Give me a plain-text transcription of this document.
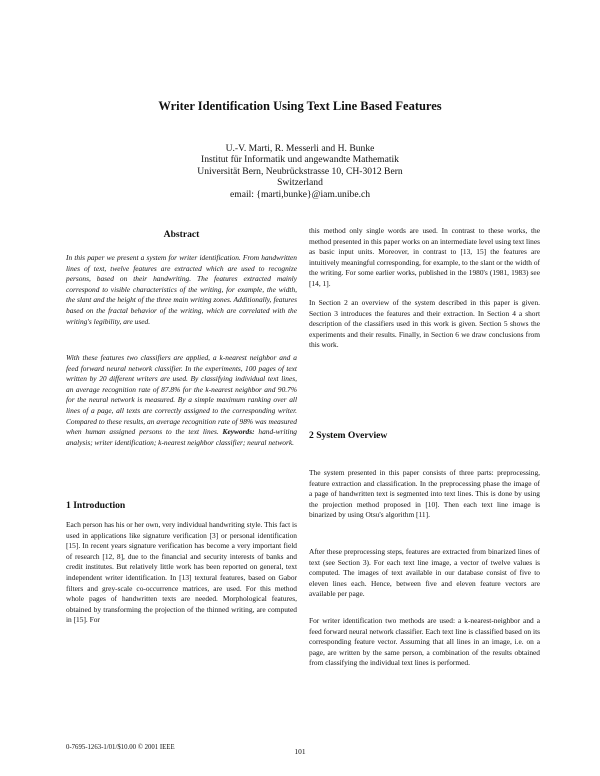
Writer Identification Using Text Line Based Features
U.-V. Marti, R. Messerli and H. Bunke
Institut für Informatik und angewandte Mathematik
Universität Bern, Neubrückstrasse 10, CH-3012 Bern
Switzerland
email: {marti,bunke}@iam.unibe.ch
Abstract

In this paper we present a system for writer identification. From handwritten lines of text, twelve features are extracted which are used to recognize persons, based on their handwriting. The features extracted mainly correspond to visible characteristics of the writing, for example, the width, the slant and the height of the three main writing zones. Additionally, features based on the fractal behavior of the writing, which are correlated with the writing's legibility, are used.

With these features two classifiers are applied, a k-nearest neighbor and a feed forward neural network classifier. In the experiments, 100 pages of text written by 20 different writers are used. By classifying individual text lines, an average recognition rate of 87.8% for the k-nearest neighbor and 90.7% for the neural network is measured. By a simple maximum ranking over all lines of a page, all texts are correctly assigned to the corresponding writer. Compared to these results, an average recognition rate of 98% was measured when human assigned persons to the text lines. Keywords: hand-writing analysis; writer identification; k-nearest neighbor classifier; neural network.

1 Introduction

Each person has his or her own, very individual handwriting style. This fact is used in applications like signature verification [3] or personal identification [15]. In recent years signature verification has become a very important field of research [12, 8], due to the financial and security interests of banks and credit institutes. But relatively little work has been reported on general, text independent writer identification. In [13] textural features, based on Gabor filters and grey-scale co-occurrence matrices, are used. For this method whole pages of handwritten texts are needed. Morphological features, obtained by transforming the projection of the thinned writing, are computed in [15]. For

this method only single words are used. In contrast to these works, the method presented in this paper works on an intermediate level using text lines as basic input units. Moreover, in contrast to [13, 15] the features are intuitively meaningful corresponding, for example, to the slant or the width of the writing. For some earlier works, published in the 1980's (1981, 1983) see [14, 1].

In Section 2 an overview of the system described in this paper is given. Section 3 introduces the features and their extraction. In Section 4 a short description of the classifiers used in this work is given. Section 5 shows the experiments and their results. Finally, in Section 6 we draw conclusions from this work.

2 System Overview

The system presented in this paper consists of three parts: preprocessing, feature extraction and classification. In the preprocessing phase the image of a page of handwritten text is segmented into text lines. This is done by using the projection method proposed in [10]. Then each text line image is binarized by using Otsu's algorithm [11].

After these preprocessing steps, features are extracted from binarized lines of text (see Section 3). For each text line image, a vector of twelve values is computed. The images of text available in our database consist of five to eleven lines each. Hence, between five and eleven feature vectors are available per page.

For writer identification two methods are used: a k-nearest-neighbor and a feed forward neural network classifier. Each text line is classified based on its corresponding feature vector. Assuming that all lines in an image, i.e. on a page, are written by the same person, a combination of the results obtained from classifying the individual text lines is performed.

0-7695-1263-1/01/$10.00 © 2001 IEEE	101
